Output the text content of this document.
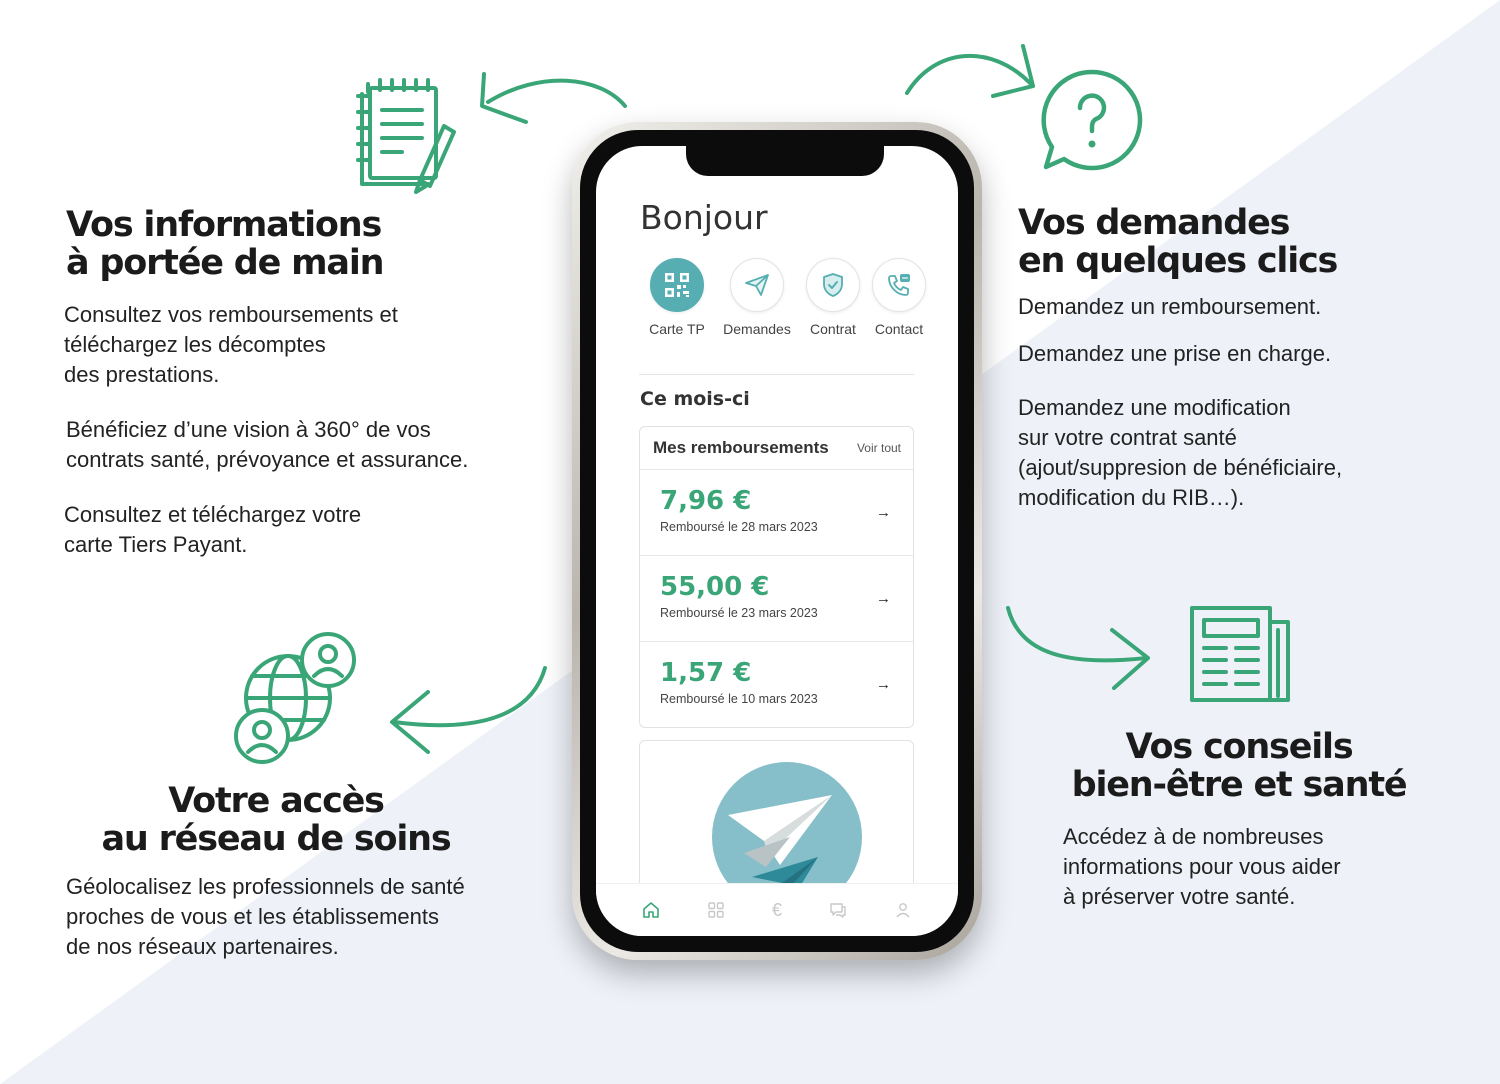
Vos informations
à portée de main

Consultez vos remboursements et
téléchargez les décomptes
des prestations.

Bénéficiez d’une vision à 360° de vos
contrats santé, prévoyance et assurance.

Consultez et téléchargez votre
carte Tiers Payant.

Vos demandes
en quelques clics

Demandez un remboursement.

Demandez une prise en charge.

Demandez une modification
sur votre contrat santé
(ajout/suppresion de bénéficiaire,
modification du RIB…).

Votre accès
au réseau de soins

Géolocalisez les professionnels de santé
proches de vous et les établissements
de nos réseaux partenaires.

Vos conseils
bien-être et santé

Accédez à de nombreuses
informations pour vous aider
à préserver votre santé.

Bonjour
Carte TP	Demandes	Contrat	Contact
Ce mois-ci
Mes remboursements Voir tout
7,96 €
Remboursé le 28 mars 2023
→
55,00 €
Remboursé le 23 mars 2023
→
1,57 €
Remboursé le 10 mars 2023
→
€
